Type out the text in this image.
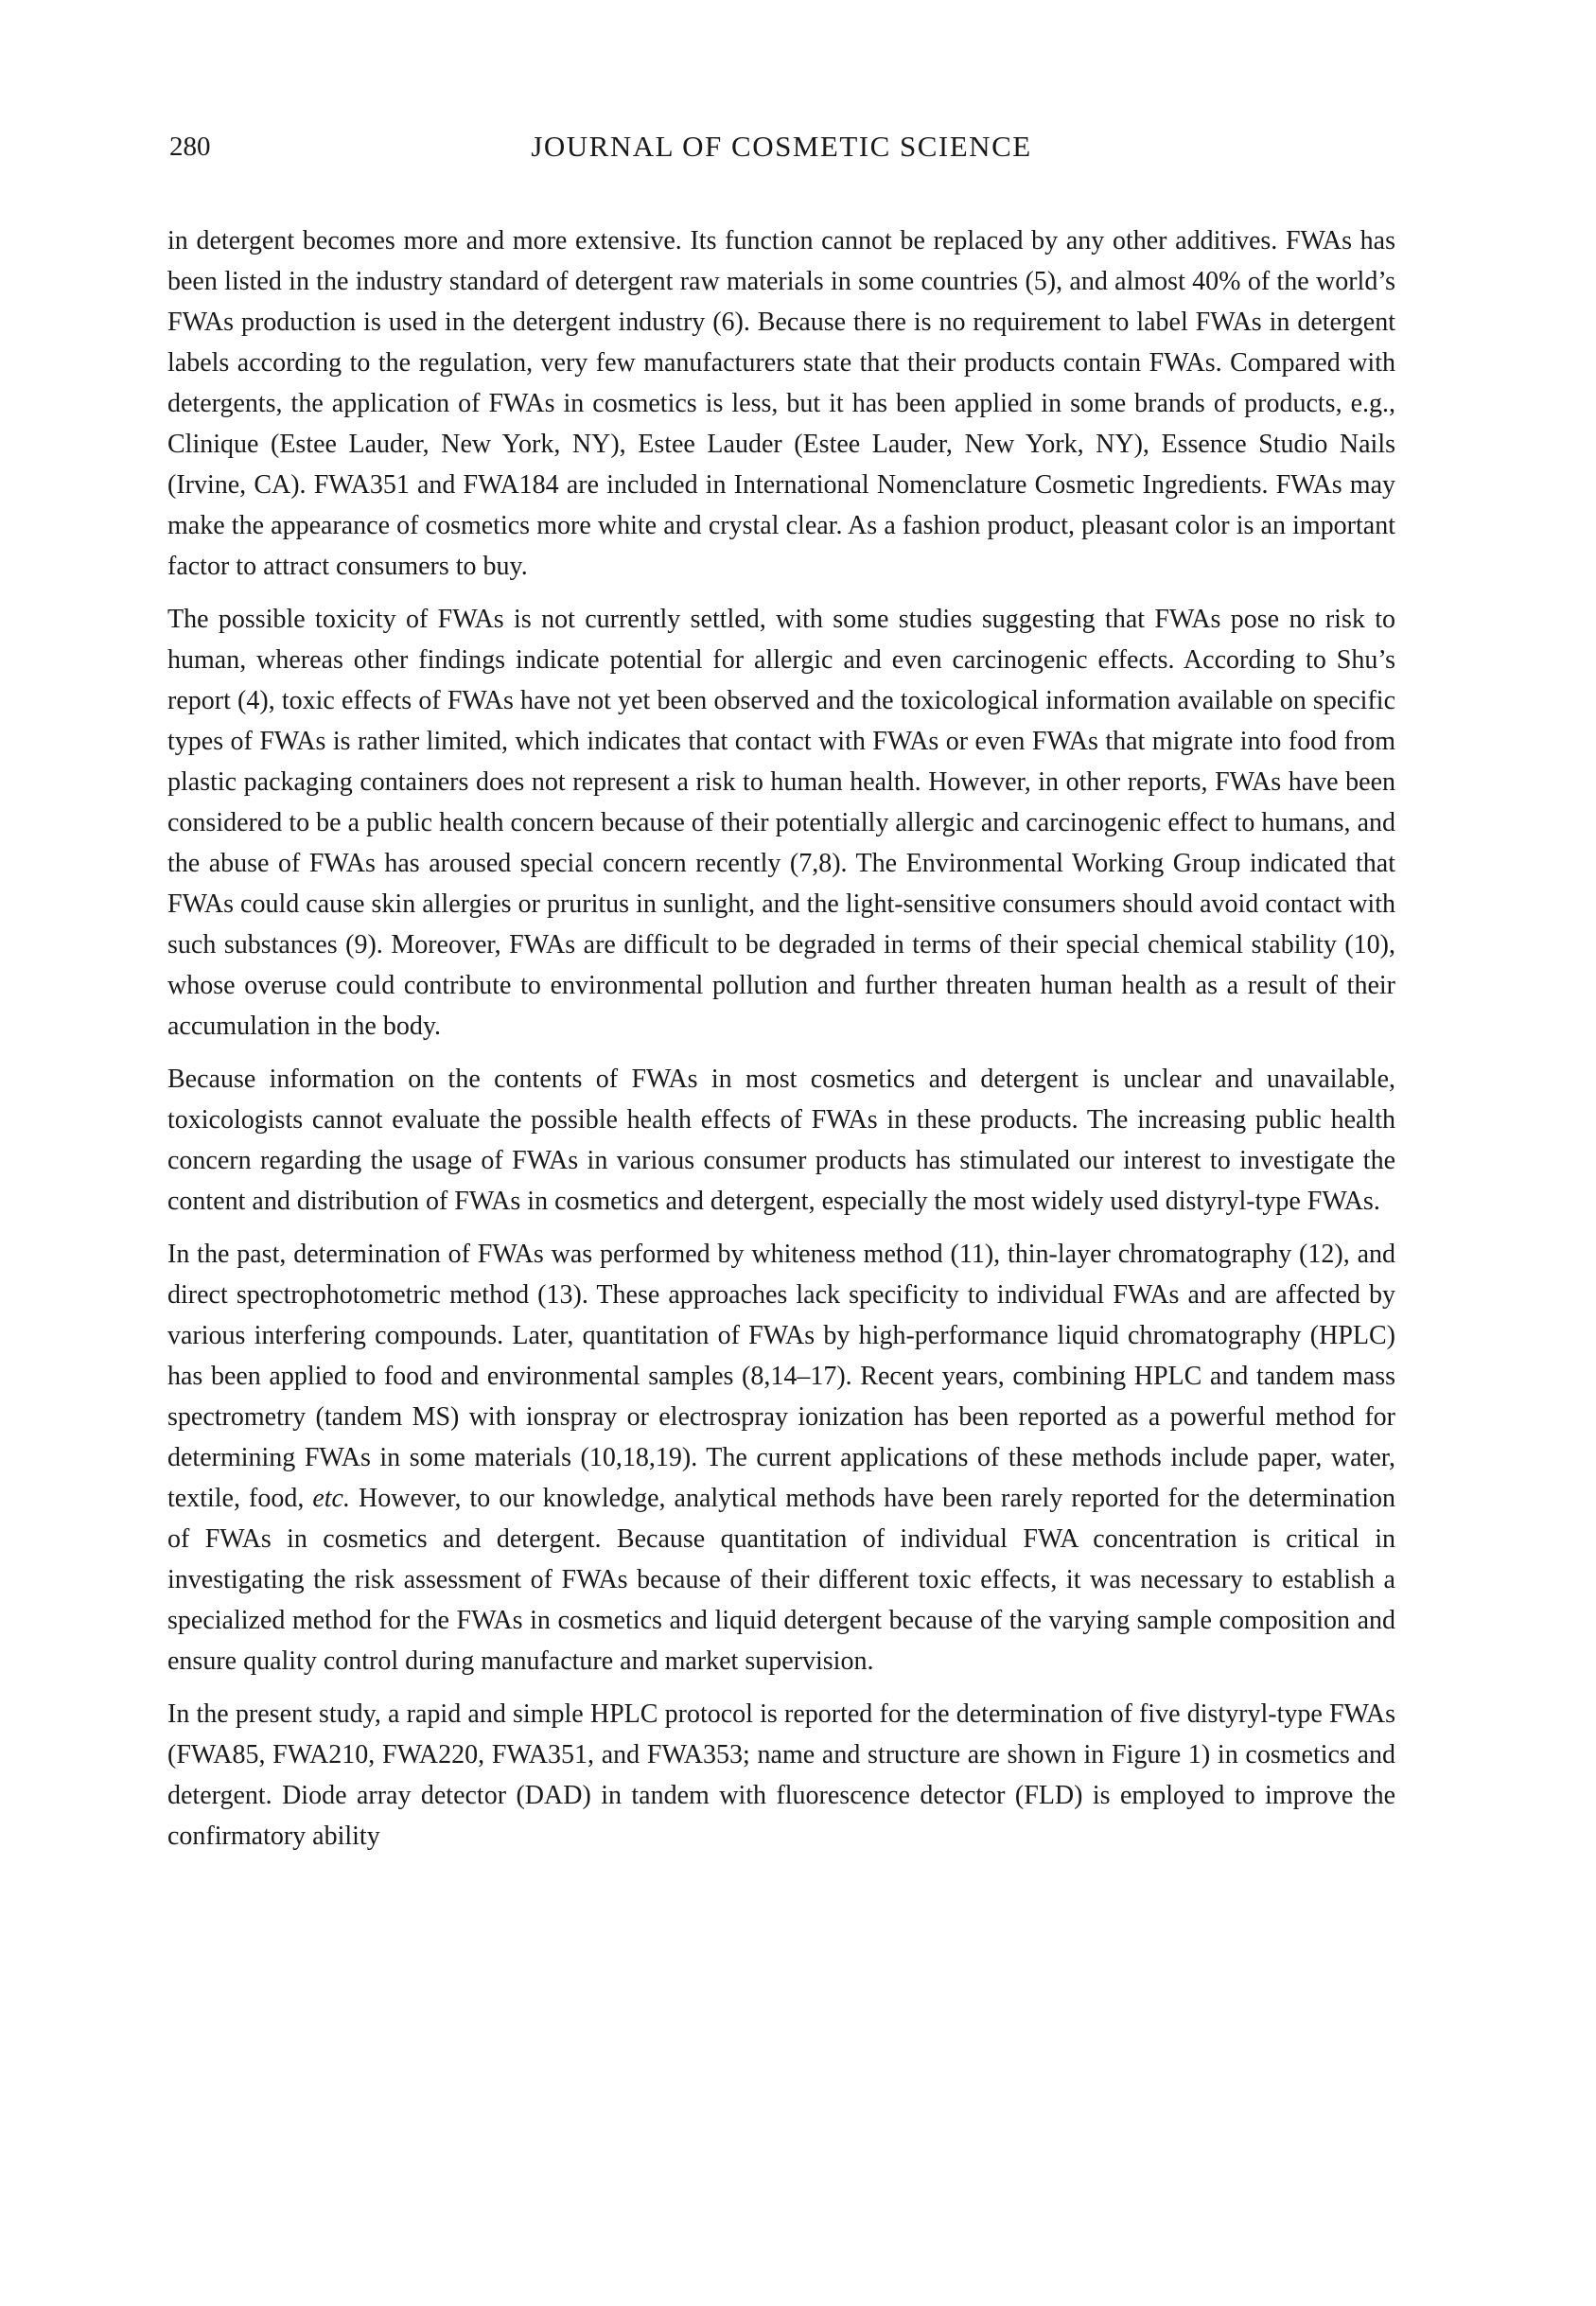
280	JOURNAL OF COSMETIC SCIENCE

in detergent becomes more and more extensive. Its function cannot be replaced by any other additives. FWAs has been listed in the industry standard of detergent raw materials in some countries (5), and almost 40% of the world’s FWAs production is used in the detergent industry (6). Because there is no requirement to label FWAs in detergent labels according to the regulation, very few manufacturers state that their products contain FWAs. Compared with detergents, the application of FWAs in cosmetics is less, but it has been applied in some brands of products, e.g., Clinique (Estee Lauder, New York, NY), Estee Lauder (Estee Lauder, New York, NY), Essence Studio Nails (Irvine, CA). FWA351 and FWA184 are included in International Nomenclature Cosmetic Ingredients. FWAs may make the appearance of cosmetics more white and crystal clear. As a fashion product, pleasant color is an important factor to attract consumers to buy.

The possible toxicity of FWAs is not currently settled, with some studies suggesting that FWAs pose no risk to human, whereas other findings indicate potential for allergic and even carcinogenic effects. According to Shu’s report (4), toxic effects of FWAs have not yet been observed and the toxicological information available on specific types of FWAs is rather limited, which indicates that contact with FWAs or even FWAs that migrate into food from plastic packaging containers does not represent a risk to human health. However, in other reports, FWAs have been considered to be a public health concern because of their potentially allergic and carcinogenic effect to humans, and the abuse of FWAs has aroused special concern recently (7,8). The Environmental Working Group indicated that FWAs could cause skin allergies or pruritus in sunlight, and the light-sensitive consumers should avoid contact with such substances (9). Moreover, FWAs are difficult to be degraded in terms of their special chemical stability (10), whose overuse could contribute to environmental pollution and further threaten human health as a result of their accumulation in the body.

Because information on the contents of FWAs in most cosmetics and detergent is unclear and unavailable, toxicologists cannot evaluate the possible health effects of FWAs in these products. The increasing public health concern regarding the usage of FWAs in various consumer products has stimulated our interest to investigate the content and distribution of FWAs in cosmetics and detergent, especially the most widely used distyryl-type FWAs.

In the past, determination of FWAs was performed by whiteness method (11), thin-layer chromatography (12), and direct spectrophotometric method (13). These approaches lack specificity to individual FWAs and are affected by various interfering compounds. Later, quantitation of FWAs by high-performance liquid chromatography (HPLC) has been applied to food and environmental samples (8,14–17). Recent years, combining HPLC and tandem mass spectrometry (tandem MS) with ionspray or electrospray ionization has been reported as a powerful method for determining FWAs in some materials (10,18,19). The current applications of these methods include paper, water, textile, food, etc. However, to our knowledge, analytical methods have been rarely reported for the determination of FWAs in cosmetics and detergent. Because quantitation of individual FWA concentration is critical in investigating the risk assessment of FWAs because of their different toxic effects, it was necessary to establish a specialized method for the FWAs in cosmetics and liquid detergent because of the varying sample composition and ensure quality control during manufacture and market supervision.

In the present study, a rapid and simple HPLC protocol is reported for the determination of five distyryl-type FWAs (FWA85, FWA210, FWA220, FWA351, and FWA353; name and structure are shown in Figure 1) in cosmetics and detergent. Diode array detector (DAD) in tandem with fluorescence detector (FLD) is employed to improve the confirmatory ability
